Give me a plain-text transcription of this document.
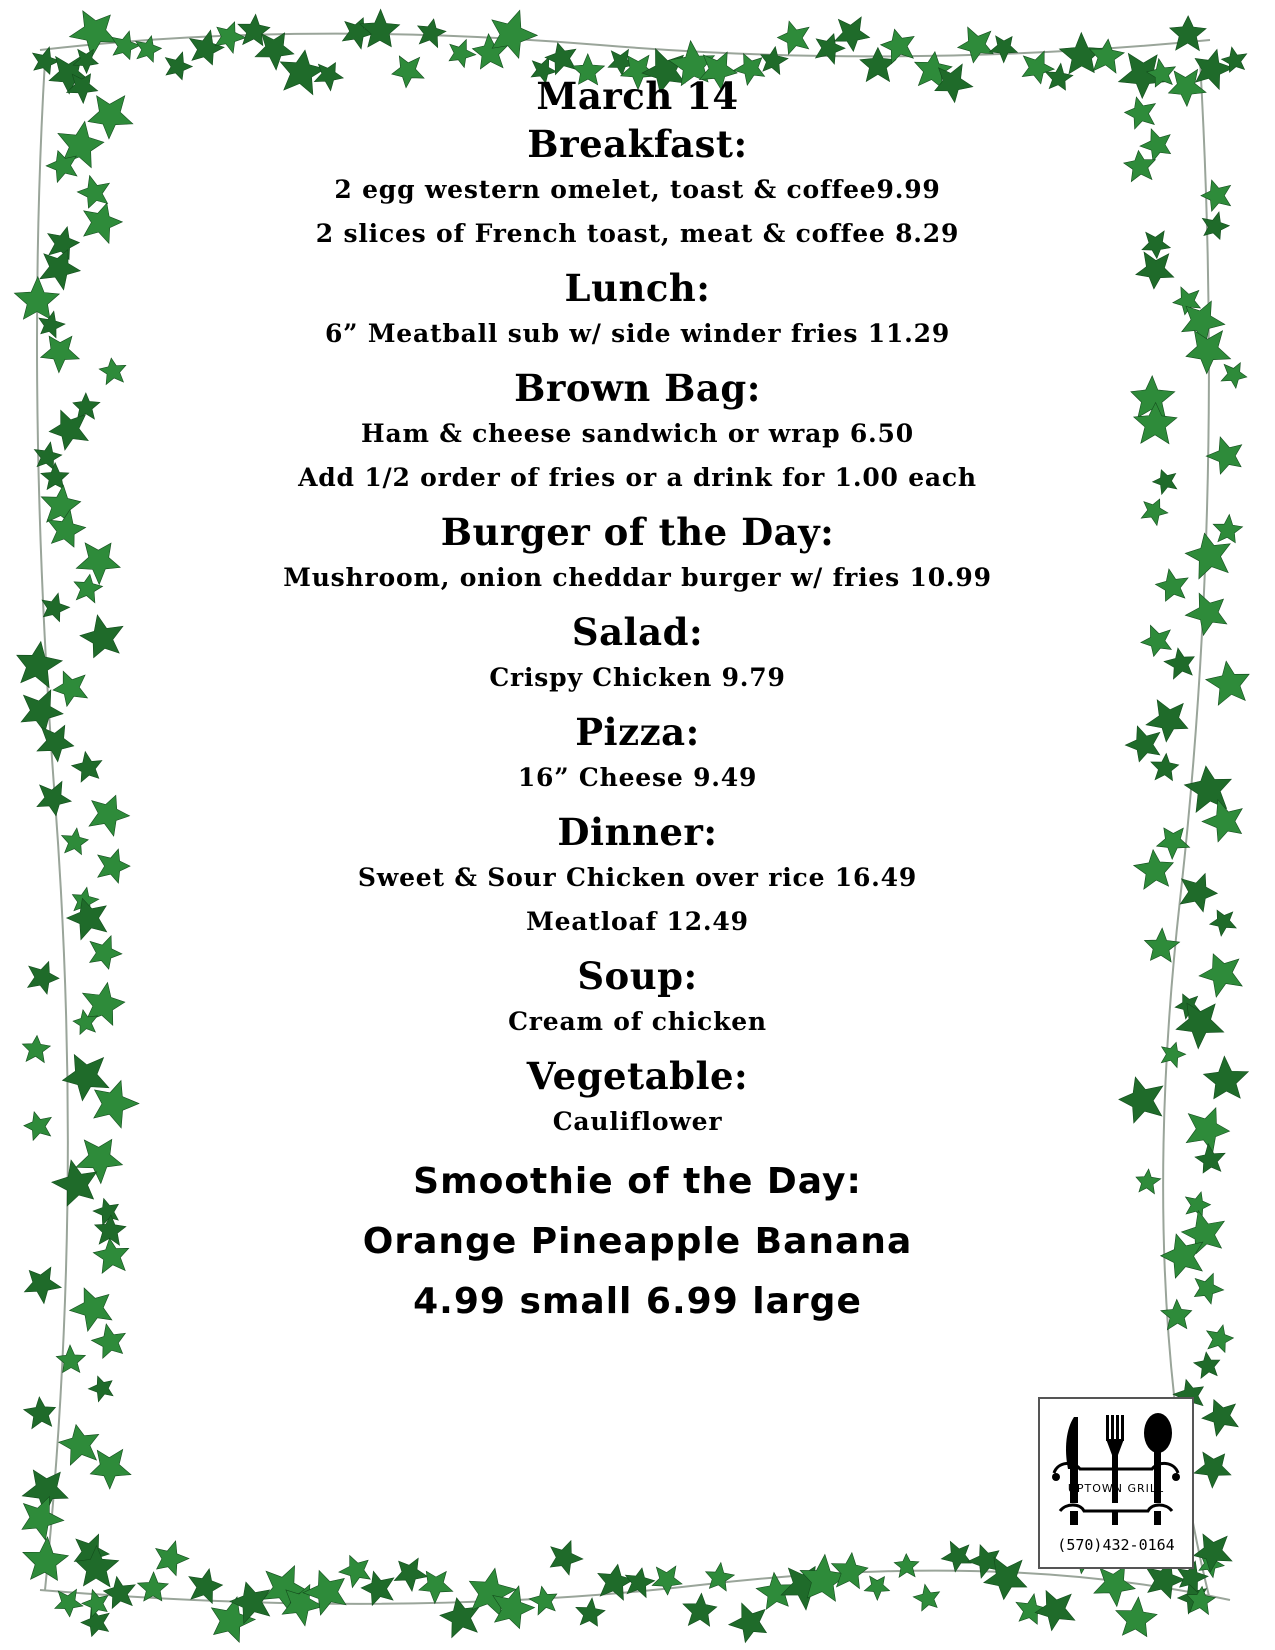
March 14
Breakfast:
2 egg western omelet, toast & coffee9.99
2 slices of French toast, meat & coffee 8.29
Lunch:
6” Meatball sub w/ side winder fries 11.29
Brown Bag:
Ham & cheese sandwich or wrap 6.50
Add 1/2 order of fries or a drink for 1.00 each
Burger of the Day:
Mushroom, onion cheddar burger w/ fries 10.99
Salad:
Crispy Chicken 9.79
Pizza:
16” Cheese 9.49
Dinner:
Sweet & Sour Chicken over rice 16.49
Meatloaf 12.49
Soup:
Cream of chicken
Vegetable:
Cauliflower
Smoothie of the Day:
Orange Pineapple Banana
4.99 small 6.99 large
UPTOWN GRILL
(570)432-0164
